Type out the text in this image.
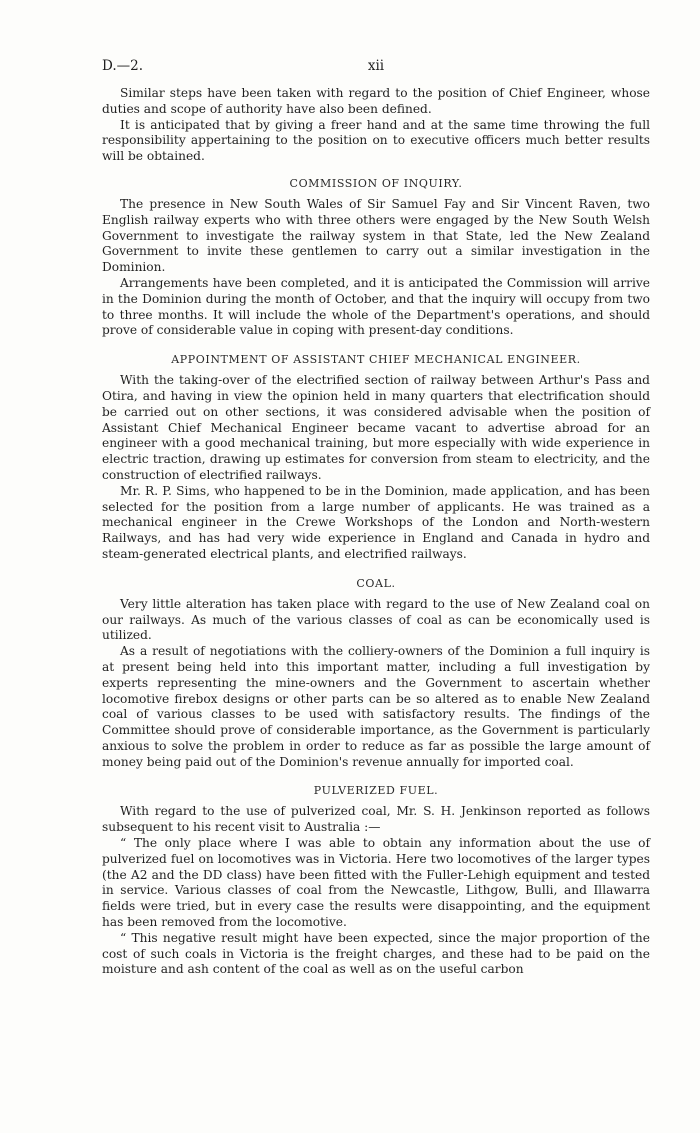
D.—2.	xii

Similar steps have been taken with regard to the position of Chief Engineer, whose duties and scope of authority have also been defined.

It is anticipated that by giving a freer hand and at the same time throwing the full responsibility appertaining to the position on to executive officers much better results will be obtained.

COMMISSION OF INQUIRY.

The presence in New South Wales of Sir Samuel Fay and Sir Vincent Raven, two English railway experts who with three others were engaged by the New South Welsh Government to investigate the railway system in that State, led the New Zealand Government to invite these gentlemen to carry out a similar investigation in the Dominion.

Arrangements have been completed, and it is anticipated the Commission will arrive in the Dominion during the month of October, and that the inquiry will occupy from two to three months. It will include the whole of the Department's operations, and should prove of considerable value in coping with present-day conditions.

APPOINTMENT OF ASSISTANT CHIEF MECHANICAL ENGINEER.

With the taking-over of the electrified section of railway between Arthur's Pass and Otira, and having in view the opinion held in many quarters that electrification should be carried out on other sections, it was considered advisable when the position of Assistant Chief Mechanical Engineer became vacant to advertise abroad for an engineer with a good mechanical training, but more especially with wide experience in electric traction, drawing up estimates for conversion from steam to electricity, and the construction of electrified railways.

Mr. R. P. Sims, who happened to be in the Dominion, made application, and has been selected for the position from a large number of applicants. He was trained as a mechanical engineer in the Crewe Workshops of the London and North-western Railways, and has had very wide experience in England and Canada in hydro and steam-generated electrical plants, and electrified railways.

COAL.

Very little alteration has taken place with regard to the use of New Zealand coal on our railways. As much of the various classes of coal as can be economically used is utilized.

As a result of negotiations with the colliery-owners of the Dominion a full inquiry is at present being held into this important matter, including a full investigation by experts representing the mine-owners and the Government to ascertain whether locomotive firebox designs or other parts can be so altered as to enable New Zealand coal of various classes to be used with satisfactory results. The findings of the Committee should prove of considerable importance, as the Government is particularly anxious to solve the problem in order to reduce as far as possible the large amount of money being paid out of the Dominion's revenue annually for imported coal.

PULVERIZED FUEL.

With regard to the use of pulverized coal, Mr. S. H. Jenkinson reported as follows subsequent to his recent visit to Australia :—

“ The only place where I was able to obtain any information about the use of pulverized fuel on locomotives was in Victoria. Here two locomotives of the larger types (the A2 and the DD class) have been fitted with the Fuller-Lehigh equipment and tested in service. Various classes of coal from the Newcastle, Lithgow, Bulli, and Illawarra fields were tried, but in every case the results were disappointing, and the equipment has been removed from the locomotive.

“ This negative result might have been expected, since the major proportion of the cost of such coals in Victoria is the freight charges, and these had to be paid on the moisture and ash content of the coal as well as on the useful carbon
